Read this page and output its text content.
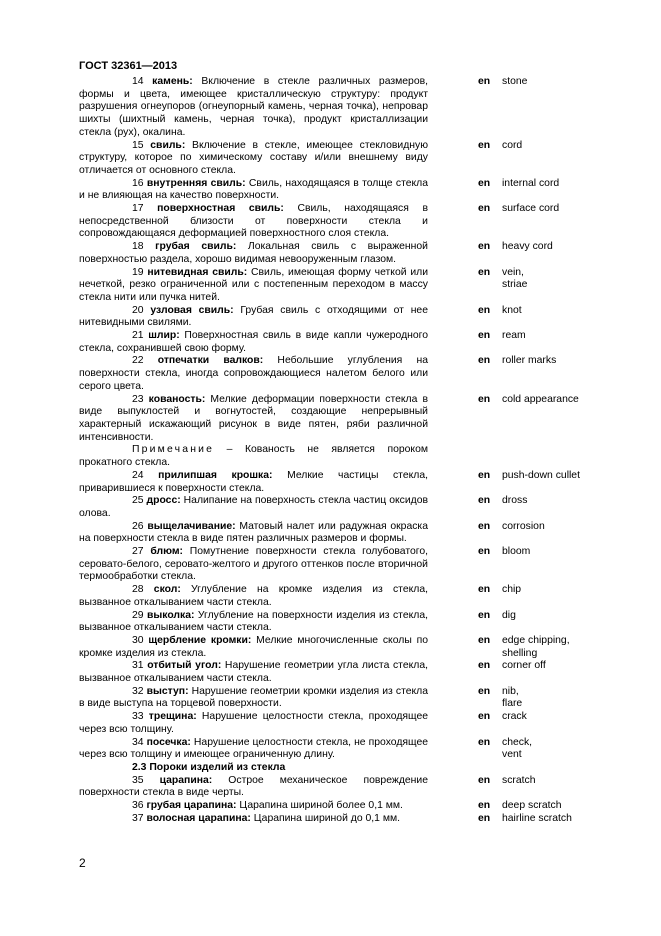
ГОСТ 32361—2013
14 камень: Включение в стекле различных размеров, формы и цвета, имеющее кристаллическую структуру: продукт разрушения огнеупоров (огнеупорный камень, черная точка), непровар шихты (шихтный камень, черная точка), продукт кристаллизации стекла (рух), окалина.
en stone
15 свиль: Включение в стекле, имеющее стекловидную структуру, которое по химическому составу и/или внешнему виду отличается от основного стекла.
en cord
16 внутренняя свиль: Свиль, находящаяся в толще стекла и не влияющая на качество поверхности.
en internal cord
17 поверхностная свиль: Свиль, находящаяся в непосредственной близости от поверхности стекла и сопровождающаяся деформацией поверхностного слоя стекла.
en surface cord
18 грубая свиль: Локальная свиль с выраженной поверхностью раздела, хорошо видимая невооруженным глазом.
en heavy cord
19 нитевидная свиль: Свиль, имеющая форму четкой или нечеткой, резко ограниченной или с постепенным переходом в массу стекла нити или пучка нитей.
en vein,
striae
20 узловая свиль: Грубая свиль с отходящими от нее нитевидными свилями.
en knot
21 шлир: Поверхностная свиль в виде капли чужеродного стекла, сохранившей свою форму.
en ream
22 отпечатки валков: Небольшие углубления на поверхности стекла, иногда сопровождающиеся налетом белого или серого цвета.
en roller marks
23 кованость: Мелкие деформации поверхности стекла в виде выпуклостей и вогнутостей, создающие непрерывный характерный искажающий рисунок в виде пятен, ряби различной интенсивности.
en cold appearance
Примечание – Кованость не является пороком прокатного стекла.
24 прилипшая крошка: Мелкие частицы стекла, приварившиеся к поверхности стекла.
en push-down cullet
25 дросс: Налипание на поверхность стекла частиц оксидов олова.
en dross
26 выщелачивание: Матовый налет или радужная окраска на поверхности стекла в виде пятен различных размеров и формы.
en corrosion
27 блюм: Помутнение поверхности стекла голубоватого, серовато-белого, серовато-желтого и другого оттенков после вторичной термообработки стекла.
en bloom
28 скол: Углубление на кромке изделия из стекла, вызванное откалыванием части стекла.
en chip
29 выколка: Углубление на поверхности изделия из стекла, вызванное откалыванием части стекла.
en dig
30 щербление кромки: Мелкие многочисленные сколы по кромке изделия из стекла.
en edge chipping,
shelling
31 отбитый угол: Нарушение геометрии угла листа стекла, вызванное откалыванием части стекла.
en corner off
32 выступ: Нарушение геометрии кромки изделия из стекла в виде выступа на торцевой поверхности.
en nib,
flare
33 трещина: Нарушение целостности стекла, проходящее через всю толщину.
en crack
34 посечка: Нарушение целостности стекла, не проходящее через всю толщину и имеющее ограниченную длину.
en check,
vent
2.3 Пороки изделий из стекла
35 царапина: Острое механическое повреждение поверхности стекла в виде черты.
en scratch
36 грубая царапина: Царапина шириной более 0,1 мм.	en deep scratch
37 волосная царапина: Царапина шириной до 0,1 мм.	en hairline scratch
2
